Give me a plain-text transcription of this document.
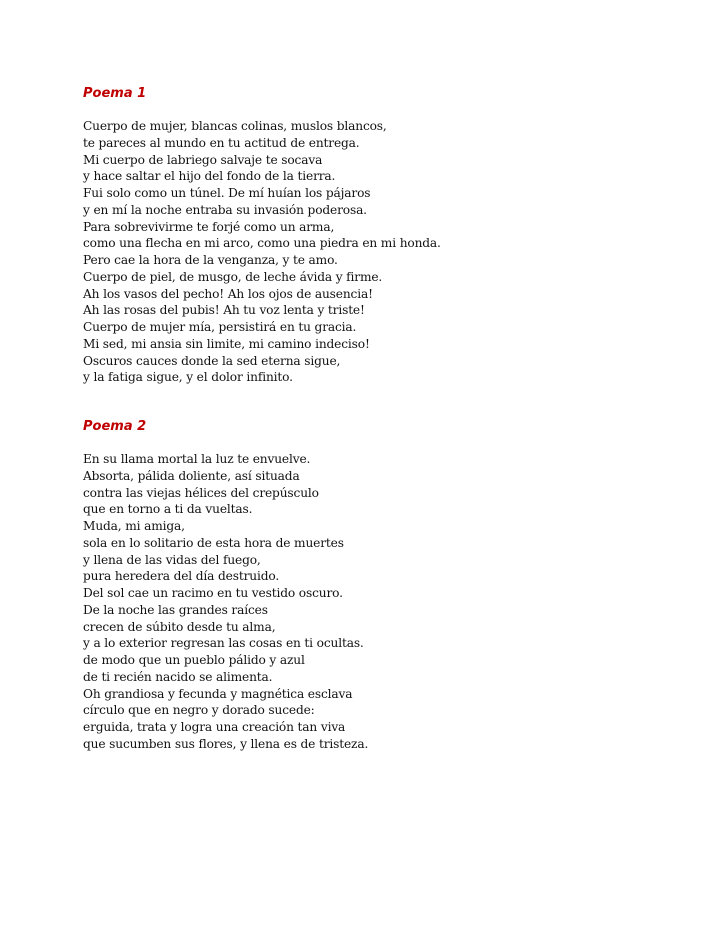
Poema 1
Cuerpo de mujer, blancas colinas, muslos blancos,
te pareces al mundo en tu actitud de entrega.
Mi cuerpo de labriego salvaje te socava
y hace saltar el hijo del fondo de la tierra.
Fui solo como un túnel. De mí huían los pájaros
y en mí la noche entraba su invasión poderosa.
Para sobrevivirme te forjé como un arma,
como una flecha en mi arco, como una piedra en mi honda.
Pero cae la hora de la venganza, y te amo.
Cuerpo de piel, de musgo, de leche ávida y firme.
Ah los vasos del pecho! Ah los ojos de ausencia!
Ah las rosas del pubis! Ah tu voz lenta y triste!
Cuerpo de mujer mía, persistirá en tu gracia.
Mi sed, mi ansia sin limite, mi camino indeciso!
Oscuros cauces donde la sed eterna sigue,
y la fatiga sigue, y el dolor infinito.
Poema 2
En su llama mortal la luz te envuelve.
Absorta, pálida doliente, así situada
contra las viejas hélices del crepúsculo
que en torno a ti da vueltas.
Muda, mi amiga,
sola en lo solitario de esta hora de muertes
y llena de las vidas del fuego,
pura heredera del día destruido.
Del sol cae un racimo en tu vestido oscuro.
De la noche las grandes raíces
crecen de súbito desde tu alma,
y a lo exterior regresan las cosas en ti ocultas.
de modo que un pueblo pálido y azul
de ti recién nacido se alimenta.
Oh grandiosa y fecunda y magnética esclava
círculo que en negro y dorado sucede:
erguida, trata y logra una creación tan viva
que sucumben sus flores, y llena es de tristeza.
